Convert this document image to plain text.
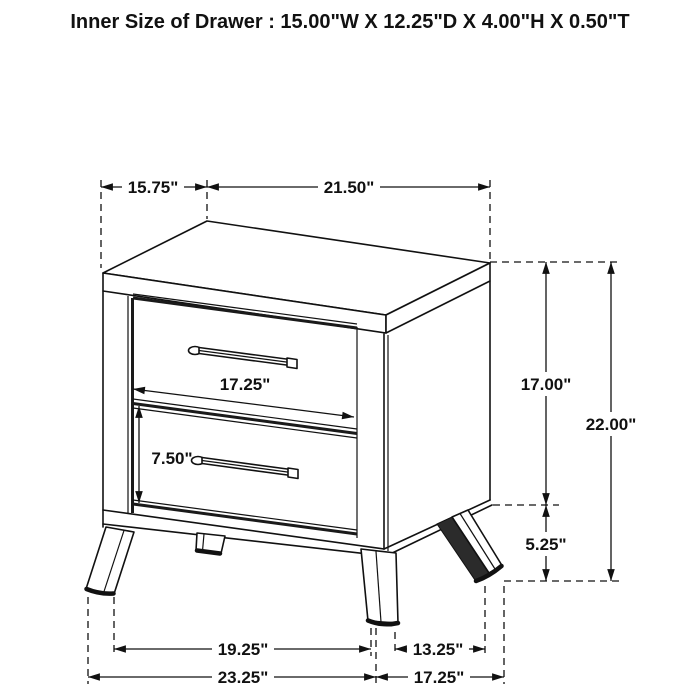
Inner Size of Drawer : 15.00"W X 12.25"D X 4.00"H X 0.50"T
15.75"	21.50"
17.00"
22.00"
5.25"
17.25"
7.50"
19.25"	13.25"
23.25"	17.25"
